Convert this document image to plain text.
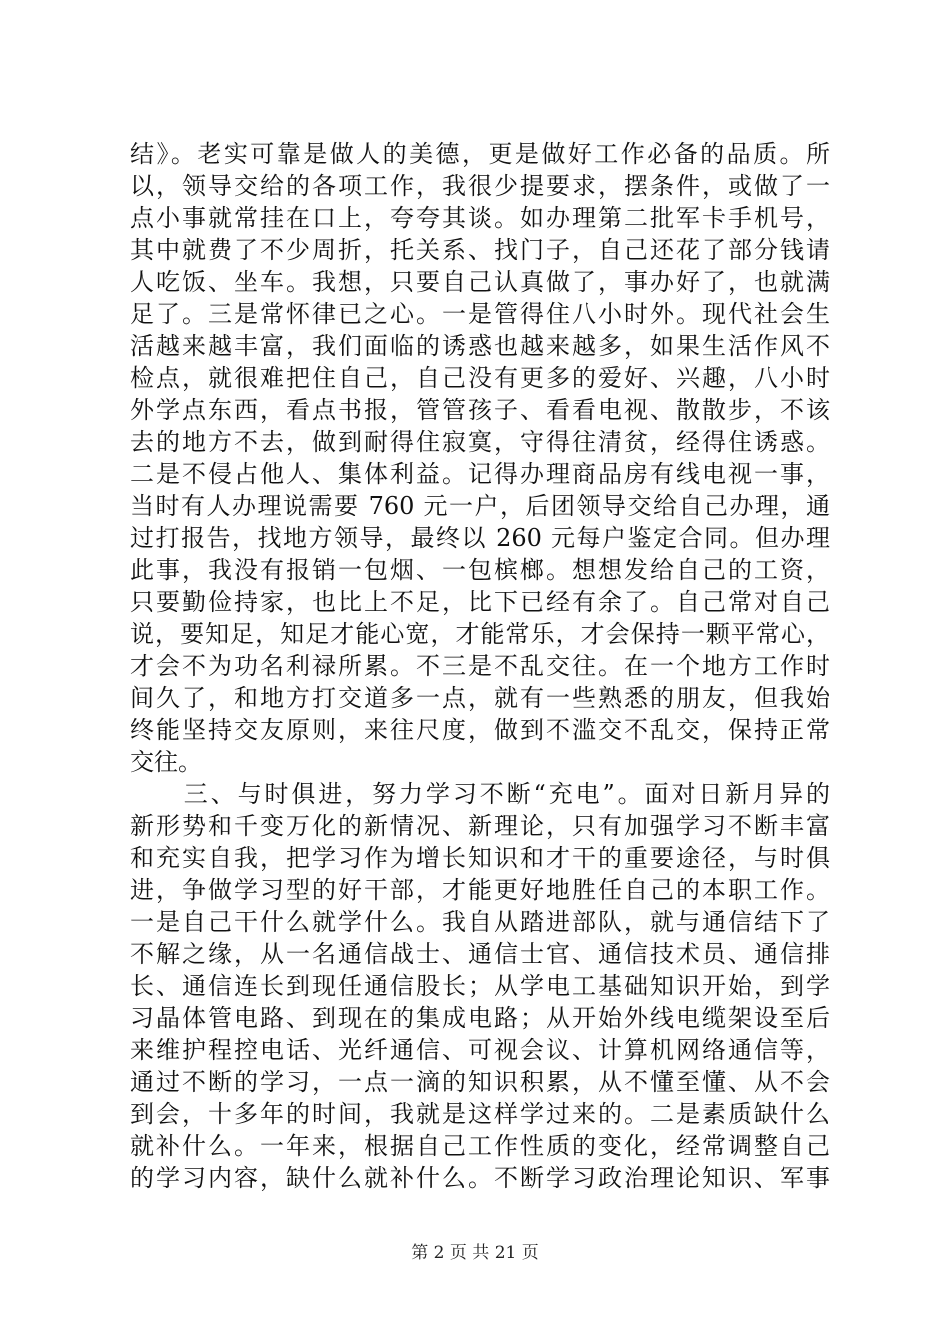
结》。老实可靠是做人的美德，更是做好工作必备的品质。所
以，领导交给的各项工作，我很少提要求，摆条件，或做了一
点小事就常挂在口上，夸夸其谈。如办理第二批军卡手机号，
其中就费了不少周折，托关系、找门子，自己还花了部分钱请
人吃饭、坐车。我想，只要自己认真做了，事办好了，也就满
足了。三是常怀律已之心。一是管得住八小时外。现代社会生
活越来越丰富，我们面临的诱惑也越来越多，如果生活作风不
检点，就很难把住自己，自己没有更多的爱好、兴趣，八小时
外学点东西，看点书报，管管孩子、看看电视、散散步，不该
去的地方不去，做到耐得住寂寞，守得往清贫，经得住诱惑。
二是不侵占他人、集体利益。记得办理商品房有线电视一事，
当时有人办理说需要 760 元一户，后团领导交给自己办理，通
过打报告，找地方领导，最终以 260 元每户鉴定合同。但办理
此事，我没有报销一包烟、一包槟榔。想想发给自己的工资，
只要勤俭持家，也比上不足，比下已经有余了。自己常对自己
说，要知足，知足才能心宽，才能常乐，才会保持一颗平常心，
才会不为功名利禄所累。不三是不乱交往。在一个地方工作时
间久了，和地方打交道多一点，就有一些熟悉的朋友，但我始
终能坚持交友原则，来往尺度，做到不滥交不乱交，保持正常
交往。
　　三、与时俱进，努力学习不断“充电”。面对日新月异的
新形势和千变万化的新情况、新理论，只有加强学习不断丰富
和充实自我，把学习作为增长知识和才干的重要途径，与时俱
进，争做学习型的好干部，才能更好地胜任自己的本职工作。
一是自己干什么就学什么。我自从踏进部队，就与通信结下了
不解之缘，从一名通信战士、通信士官、通信技术员、通信排
长、通信连长到现任通信股长；从学电工基础知识开始，到学
习晶体管电路、到现在的集成电路；从开始外线电缆架设至后
来维护程控电话、光纤通信、可视会议、计算机网络通信等，
通过不断的学习，一点一滴的知识积累，从不懂至懂、从不会
到会，十多年的时间，我就是这样学过来的。二是素质缺什么
就补什么。一年来，根据自己工作性质的变化，经常调整自己
的学习内容，缺什么就补什么。不断学习政治理论知识、军事
第 2 页 共 21 页
